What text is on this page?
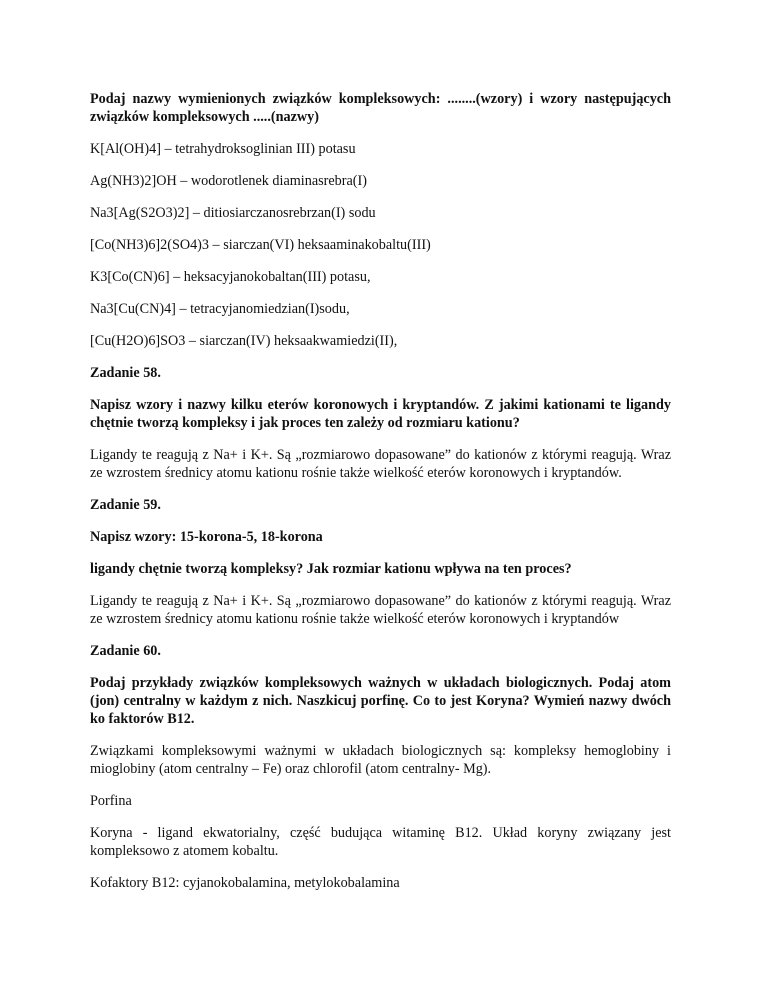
Podaj nazwy wymienionych związków kompleksowych: ........(wzory) i wzory następujących związków kompleksowych .....(nazwy)

K[Al(OH)4] – tetrahydroksoglinian III) potasu

Ag(NH3)2]OH – wodorotlenek diaminasrebra(I)

Na3[Ag(S2O3)2] – ditiosiarczanosrebrzan(I) sodu

[Co(NH3)6]2(SO4)3 – siarczan(VI) heksaaminakobaltu(III)

K3[Co(CN)6] – heksacyjanokobaltan(III) potasu,

Na3[Cu(CN)4] – tetracyjanomiedzian(I)sodu,

[Cu(H2O)6]SO3 – siarczan(IV) heksaakwamiedzi(II),

Zadanie 58.

Napisz wzory i nazwy kilku eterów koronowych i kryptandów. Z jakimi kationami te ligandy chętnie tworzą kompleksy i jak proces ten zależy od rozmiaru kationu?

Ligandy te reagują z Na+ i K+. Są „rozmiarowo dopasowane” do kationów z którymi reagują. Wraz ze wzrostem średnicy atomu kationu rośnie także wielkość eterów koronowych i kryptandów.

Zadanie 59.

Napisz wzory: 15-korona-5, 18-korona

ligandy chętnie tworzą kompleksy? Jak rozmiar kationu wpływa na ten proces?

Ligandy te reagują z Na+ i K+. Są „rozmiarowo dopasowane” do kationów z którymi reagują. Wraz ze wzrostem średnicy atomu kationu rośnie także wielkość eterów koronowych i kryptandów

Zadanie 60.

Podaj przykłady związków kompleksowych ważnych w układach biologicznych. Podaj atom (jon) centralny w każdym z nich. Naszkicuj porfinę. Co to jest Koryna? Wymień nazwy dwóch ko faktorów B12.

Związkami kompleksowymi ważnymi w układach biologicznych są: kompleksy hemoglobiny i mioglobiny (atom centralny – Fe) oraz chlorofil (atom centralny- Mg).

Porfina

Koryna - ligand ekwatorialny, część budująca witaminę B12. Układ koryny związany jest kompleksowo z atomem kobaltu.

Kofaktory B12: cyjanokobalamina, metylokobalamina
